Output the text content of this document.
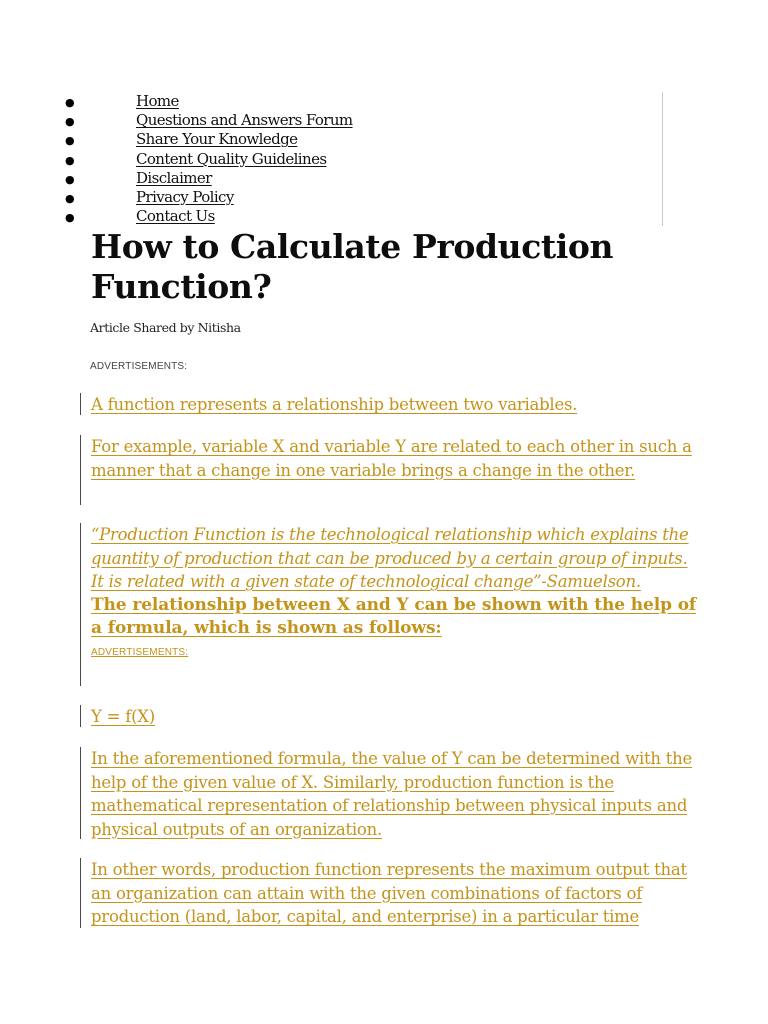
●	Home
●	Questions and Answers Forum
●	Share Your Knowledge
●	Content Quality Guidelines
●	Disclaimer
●	Privacy Policy
●	Contact Us
How to Calculate Production Function?
Article Shared by Nitisha
ADVERTISEMENTS:

A function represents a relationship between two variables.

For example, variable X and variable Y are related to each other in such a manner that a change in one variable brings a change in the other.

“Production Function is the technological relationship which explains the quantity of production that can be produced by a certain group of inputs. It is related with a given state of technological change”-Samuelson.

The relationship between X and Y can be shown with the help of a formula, which is shown as follows:

ADVERTISEMENTS:

Y = f(X)

In the aforementioned formula, the value of Y can be determined with the help of the given value of X. Similarly, production function is the mathematical representation of relationship between physical inputs and physical outputs of an organization.

In other words, production function represents the maximum output that an organization can attain with the given combinations of factors of production (land, labor, capital, and enterprise) in a particular time
